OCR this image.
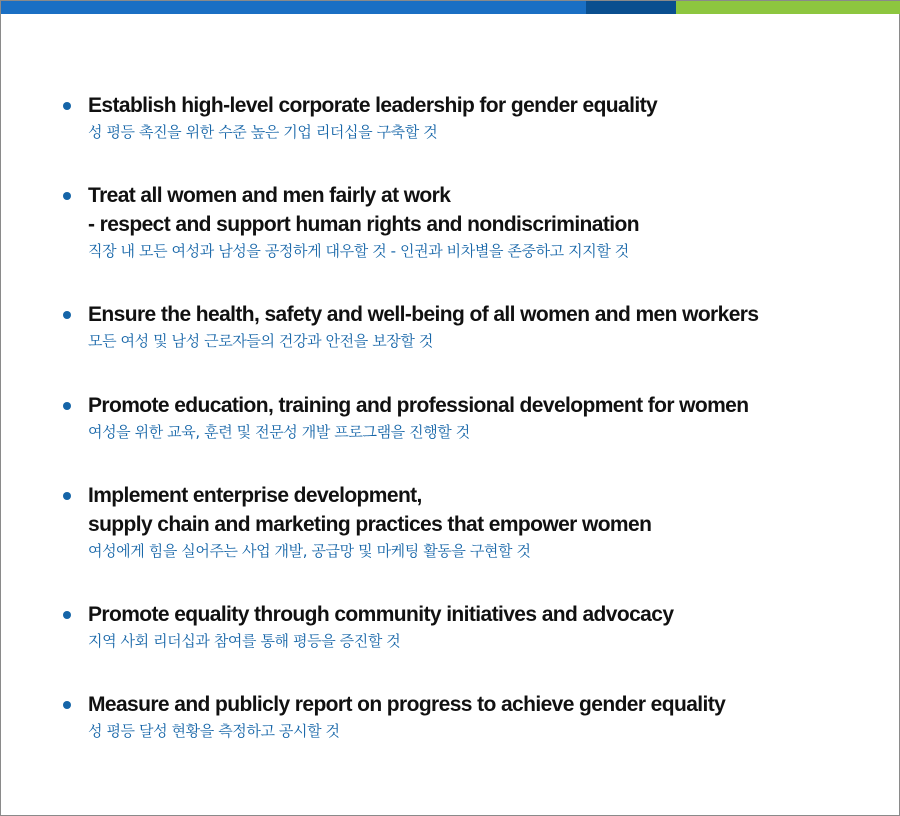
Establish high-level corporate leadership for gender equality
성 평등 촉진을 위한 수준 높은 기업 리더십을 구축할 것
Treat all women and men fairly at work
- respect and support human rights and nondiscrimination
직장 내 모든 여성과 남성을 공정하게 대우할 것 - 인권과 비차별을 존중하고 지지할 것
Ensure the health, safety and well-being of all women and men workers
모든 여성 및 남성 근로자들의 건강과 안전을 보장할 것
Promote education, training and professional development for women
여성을 위한 교육, 훈련 및 전문성 개발 프로그램을 진행할 것
Implement enterprise development,
supply chain and marketing practices that empower women
여성에게 힘을 실어주는 사업 개발, 공급망 및 마케팅 활동을 구현할 것
Promote equality through community initiatives and advocacy
지역 사회 리더십과 참여를 통해 평등을 증진할 것
Measure and publicly report on progress to achieve gender equality
성 평등 달성 현황을 측정하고 공시할 것
